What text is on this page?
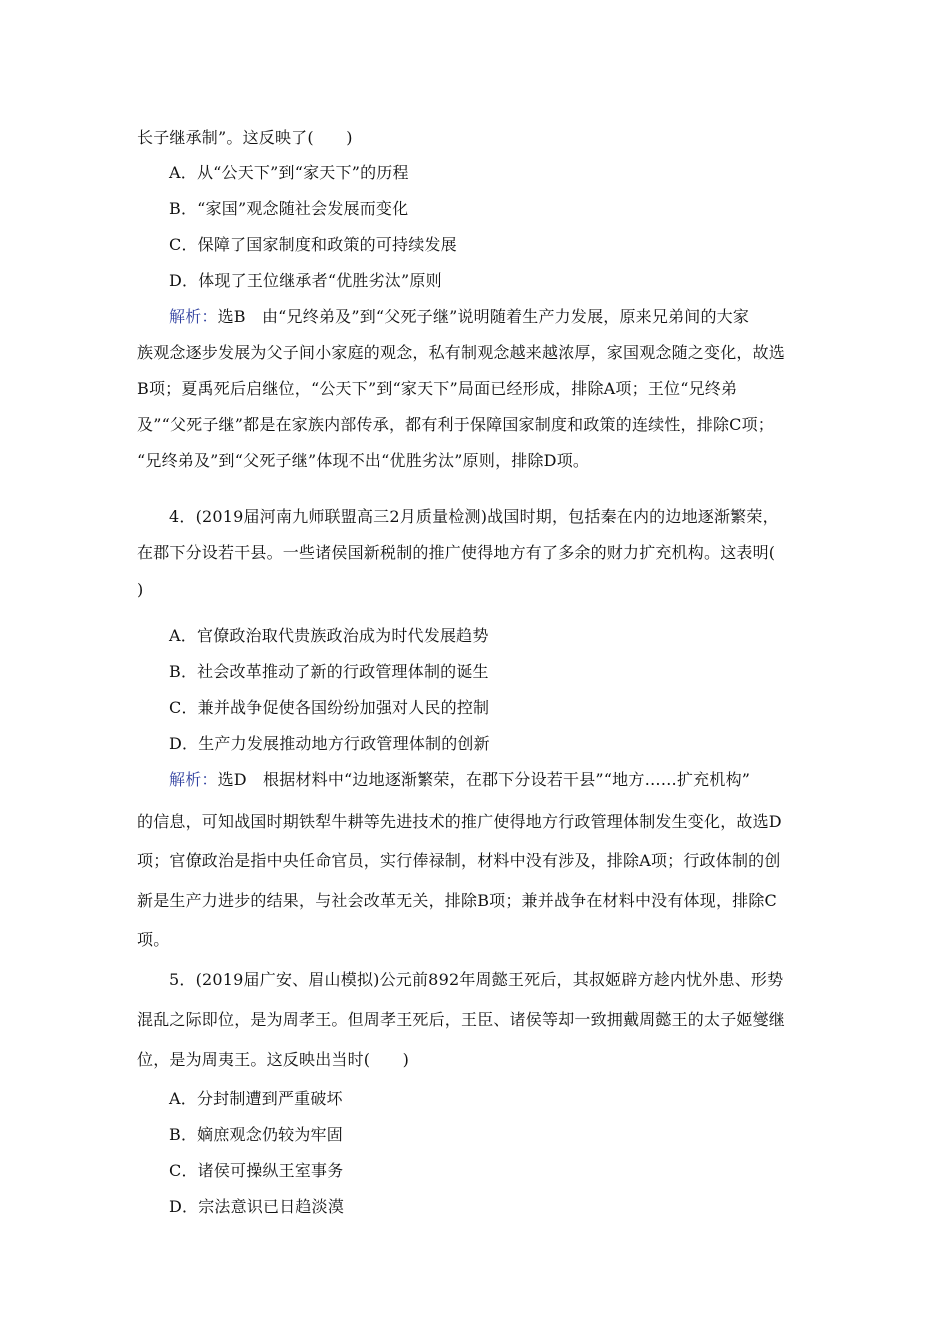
长子继承制”。这反映了(　　)
A．从“公天下”到“家天下”的历程
B．“家国”观念随社会发展而变化
C．保障了国家制度和政策的可持续发展
D．体现了王位继承者“优胜劣汰”原则
解析：选B　由“兄终弟及”到“父死子继”说明随着生产力发展，原来兄弟间的大家
族观念逐步发展为父子间小家庭的观念，私有制观念越来越浓厚，家国观念随之变化，故选
B项；夏禹死后启继位，“公天下”到“家天下”局面已经形成，排除A项；王位“兄终弟
及”“父死子继”都是在家族内部传承，都有利于保障国家制度和政策的连续性，排除C项；
“兄终弟及”到“父死子继”体现不出“优胜劣汰”原则，排除D项。
4．(2019届河南九师联盟高三2月质量检测)战国时期，包括秦在内的边地逐渐繁荣，
在郡下分设若干县。一些诸侯国新税制的推广使得地方有了多余的财力扩充机构。这表明(
)
A．官僚政治取代贵族政治成为时代发展趋势
B．社会改革推动了新的行政管理体制的诞生
C．兼并战争促使各国纷纷加强对人民的控制
D．生产力发展推动地方行政管理体制的创新
解析：选D　根据材料中“边地逐渐繁荣，在郡下分设若干县”“地方……扩充机构”
的信息，可知战国时期铁犁牛耕等先进技术的推广使得地方行政管理体制发生变化，故选D
项；官僚政治是指中央任命官员，实行俸禄制，材料中没有涉及，排除A项；行政体制的创
新是生产力进步的结果，与社会改革无关，排除B项；兼并战争在材料中没有体现，排除C
项。
5．(2019届广安、眉山模拟)公元前892年周懿王死后，其叔姬辟方趁内忧外患、形势
混乱之际即位，是为周孝王。但周孝王死后，王臣、诸侯等却一致拥戴周懿王的太子姬燮继
位，是为周夷王。这反映出当时(　　)
A．分封制遭到严重破坏
B．嫡庶观念仍较为牢固
C．诸侯可操纵王室事务
D．宗法意识已日趋淡漠
